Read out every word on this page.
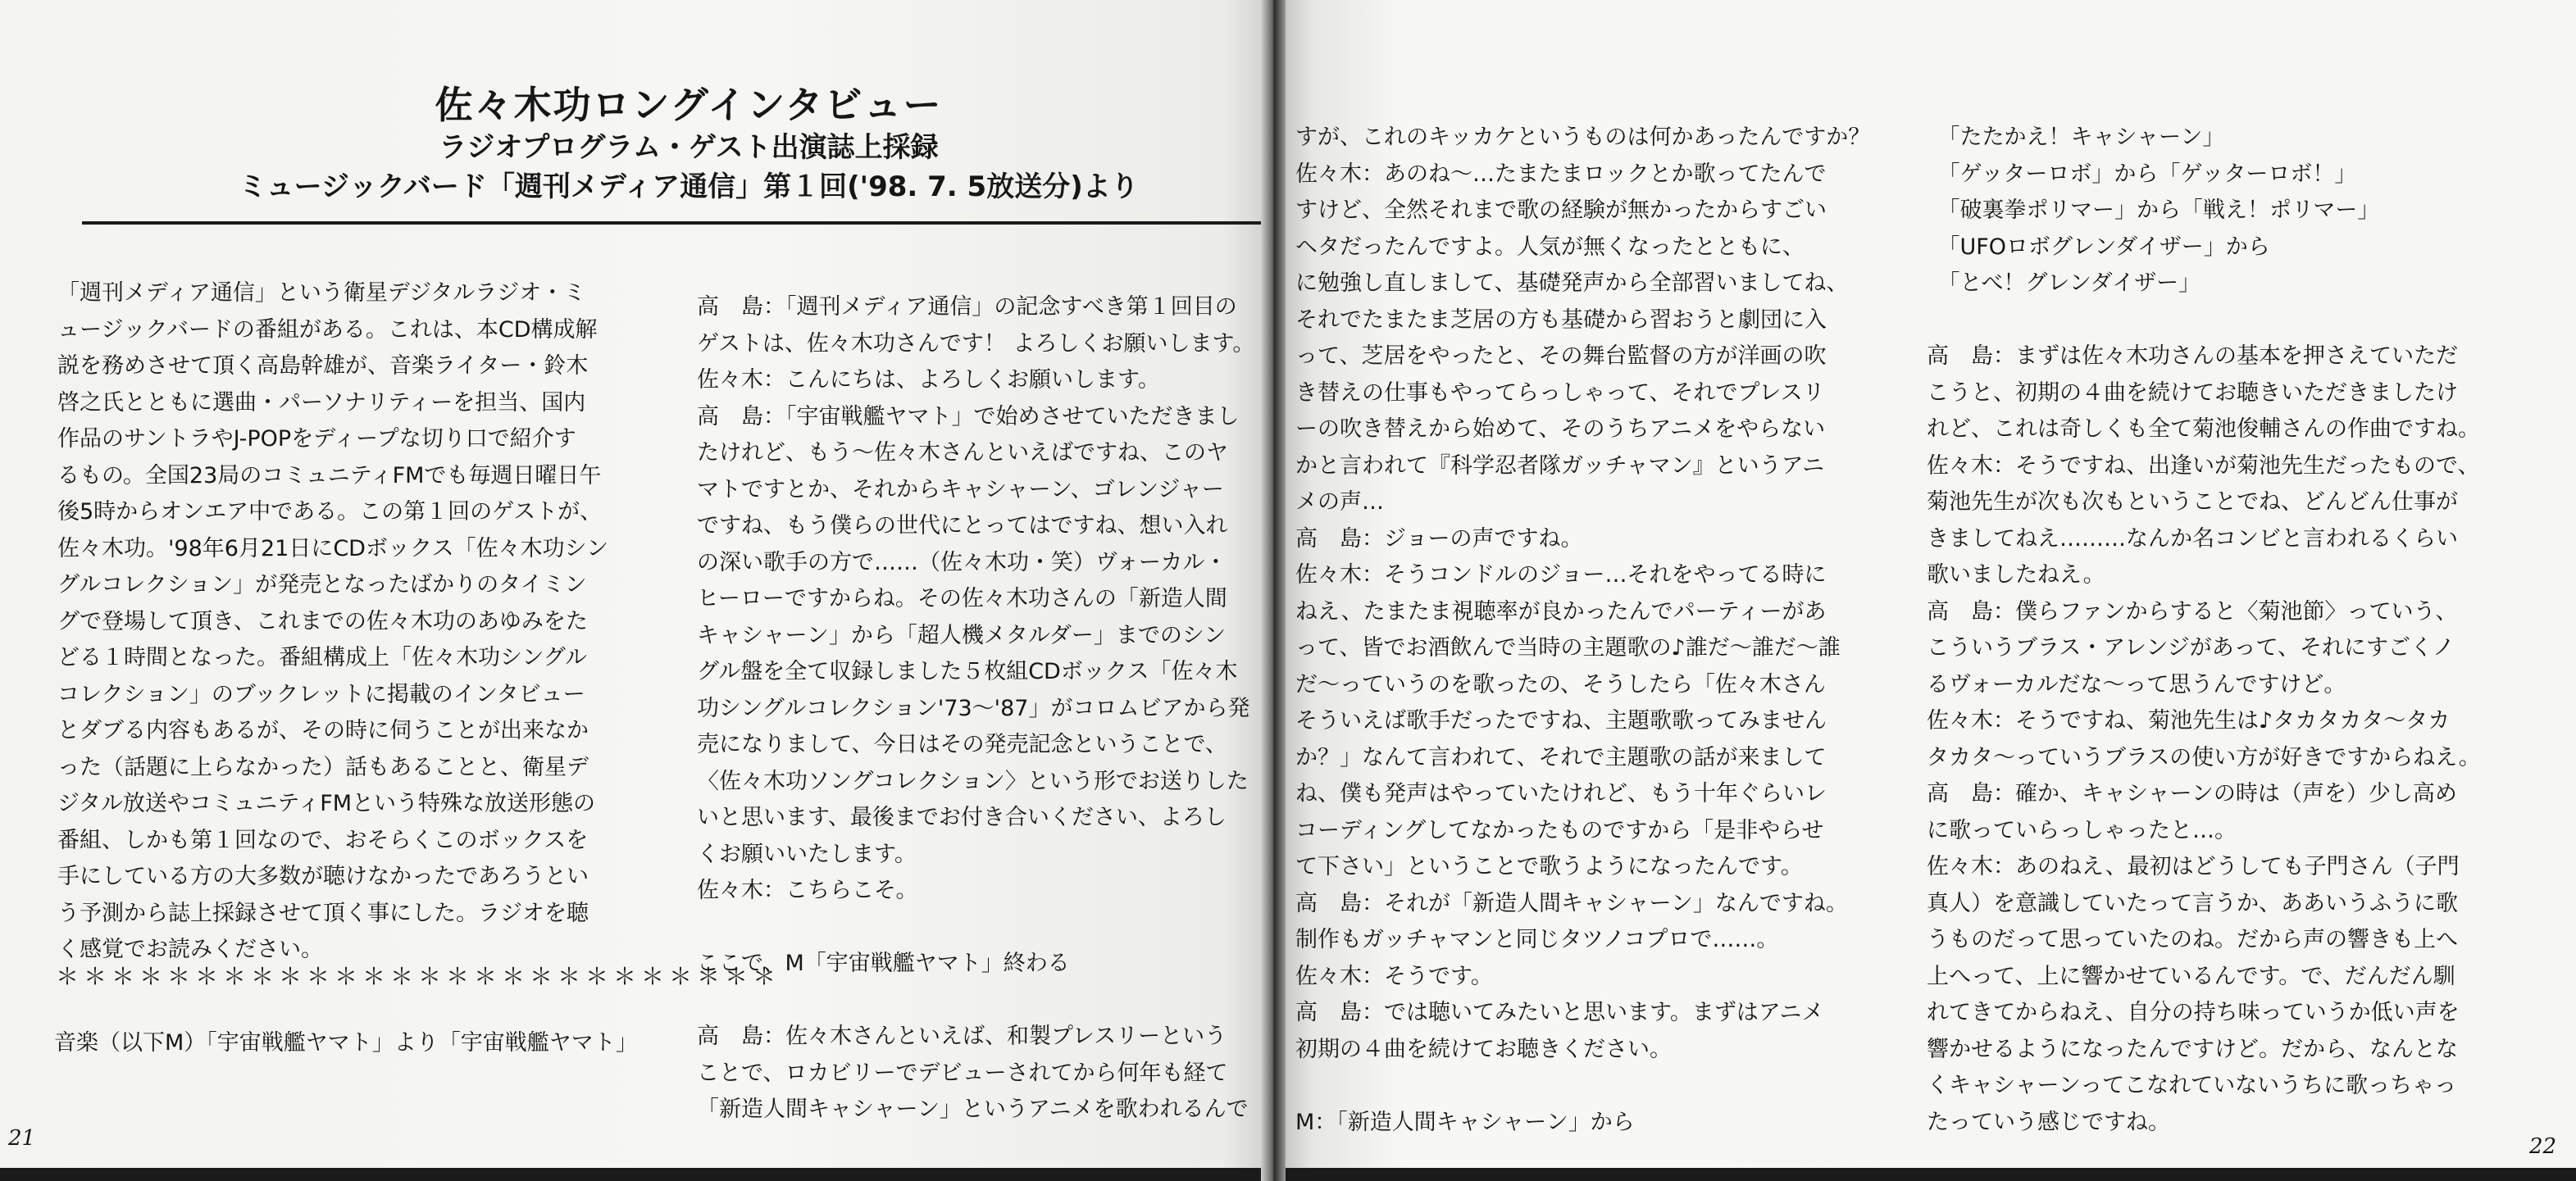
佐々木功ロングインタビュー
ラジオプログラム・ゲスト出演誌上採録
ミュージックバード「週刊メディア通信」第１回('98. 7. 5放送分)より

「週刊メディア通信」という衛星デジタルラジオ・ミ

ュージックバードの番組がある。これは、本CD構成解

説を務めさせて頂く高島幹雄が、音楽ライター・鈴木

啓之氏とともに選曲・パーソナリティーを担当、国内

作品のサントラやJ-POPをディープな切り口で紹介す

るもの。全国23局のコミュニティFMでも毎週日曜日午

後5時からオンエア中である。この第１回のゲストが、

佐々木功。'98年6月21日にCDボックス「佐々木功シン

グルコレクション」が発売となったばかりのタイミン

グで登場して頂き、これまでの佐々木功のあゆみをた

どる１時間となった。番組構成上「佐々木功シングル

コレクション」のブックレットに掲載のインタビュー

とダブる内容もあるが、その時に伺うことが出来なか

った（話題に上らなかった）話もあることと、衛星デ

ジタル放送やコミュニティFMという特殊な放送形態の

番組、しかも第１回なので、おそらくこのボックスを

手にしている方の大多数が聴けなかったであろうとい

う予測から誌上採録させて頂く事にした。ラジオを聴

く感覚でお読みください。

＊＊＊＊＊＊＊＊＊＊＊＊＊＊＊＊＊＊＊＊＊＊＊＊＊＊
音楽（以下M）「宇宙戦艦ヤマト」より「宇宙戦艦ヤマト」

高　島：「週刊メディア通信」の記念すべき第１回目の

ゲストは、佐々木功さんです！ よろしくお願いします。

佐々木：こんにちは、よろしくお願いします。

高　島：「宇宙戦艦ヤマト」で始めさせていただきまし

たけれど、もう～佐々木さんといえばですね、このヤ

マトですとか、それからキャシャーン、ゴレンジャー

ですね、もう僕らの世代にとってはですね、想い入れ

の深い歌手の方で……（佐々木功・笑）ヴォーカル・

ヒーローですからね。その佐々木功さんの「新造人間

キャシャーン」から「超人機メタルダー」までのシン

グル盤を全て収録しました５枚組CDボックス「佐々木

功シングルコレクション'73～'87」がコロムビアから発

売になりまして、今日はその発売記念ということで、

〈佐々木功ソングコレクション〉という形でお送りした

いと思います、最後までお付き合いください、よろし

くお願いいたします。

佐々木：こちらこそ。

ここで、M「宇宙戦艦ヤマト」終わる

高　島：佐々木さんといえば、和製プレスリーという

ことで、ロカビリーでデビューされてから何年も経て

「新造人間キャシャーン」というアニメを歌われるんで

21	22

すが、これのキッカケというものは何かあったんですか？

佐々木：あのね～…たまたまロックとか歌ってたんで

すけど、全然それまで歌の経験が無かったからすごい

ヘタだったんですよ。人気が無くなったとともに、

に勉強し直しまして、基礎発声から全部習いましてね、

それでたまたま芝居の方も基礎から習おうと劇団に入

って、芝居をやったと、その舞台監督の方が洋画の吹

き替えの仕事もやってらっしゃって、それでプレスリ

ーの吹き替えから始めて、そのうちアニメをやらない

かと言われて『科学忍者隊ガッチャマン』というアニ

メの声…

高　島：ジョーの声ですね。

佐々木：そうコンドルのジョー…それをやってる時に

ねえ、たまたま視聴率が良かったんでパーティーがあ

って、皆でお酒飲んで当時の主題歌の♪誰だ～誰だ～誰

だ～っていうのを歌ったの、そうしたら「佐々木さん

そういえば歌手だったですね、主題歌歌ってみません

か？」なんて言われて、それで主題歌の話が来まして

ね、僕も発声はやっていたけれど、もう十年ぐらいレ

コーディングしてなかったものですから「是非やらせ

て下さい」ということで歌うようになったんです。

高　島：それが「新造人間キャシャーン」なんですね。

制作もガッチャマンと同じタツノコプロで……。

佐々木：そうです。

高　島：では聴いてみたいと思います。まずはアニメ

初期の４曲を続けてお聴きください。

M：「新造人間キャシャーン」から

　「たたかえ！キャシャーン」

　「ゲッターロボ」から「ゲッターロボ！」

　「破裏拳ポリマー」から「戦え！ポリマー」

　「UFOロボグレンダイザー」から

　「とべ！グレンダイザー」

高　島：まずは佐々木功さんの基本を押さえていただ

こうと、初期の４曲を続けてお聴きいただきましたけ

れど、これは奇しくも全て菊池俊輔さんの作曲ですね。

佐々木：そうですね、出逢いが菊池先生だったもので、

菊池先生が次も次もということでね、どんどん仕事が

きましてねえ………なんか名コンビと言われるくらい

歌いましたねえ。

高　島：僕らファンからすると〈菊池節〉っていう、

こういうブラス・アレンジがあって、それにすごくノ

るヴォーカルだな～って思うんですけど。

佐々木：そうですね、菊池先生は♪タカタカタ～タカ

タカタ～っていうブラスの使い方が好きですからねえ。

高　島：確か、キャシャーンの時は（声を）少し高め

に歌っていらっしゃったと…。

佐々木：あのねえ、最初はどうしても子門さん（子門

真人）を意識していたって言うか、ああいうふうに歌

うものだって思っていたのね。だから声の響きも上へ

上へって、上に響かせているんです。で、だんだん馴

れてきてからねえ、自分の持ち味っていうか低い声を

響かせるようになったんですけど。だから、なんとな

くキャシャーンってこなれていないうちに歌っちゃっ

たっていう感じですね。
